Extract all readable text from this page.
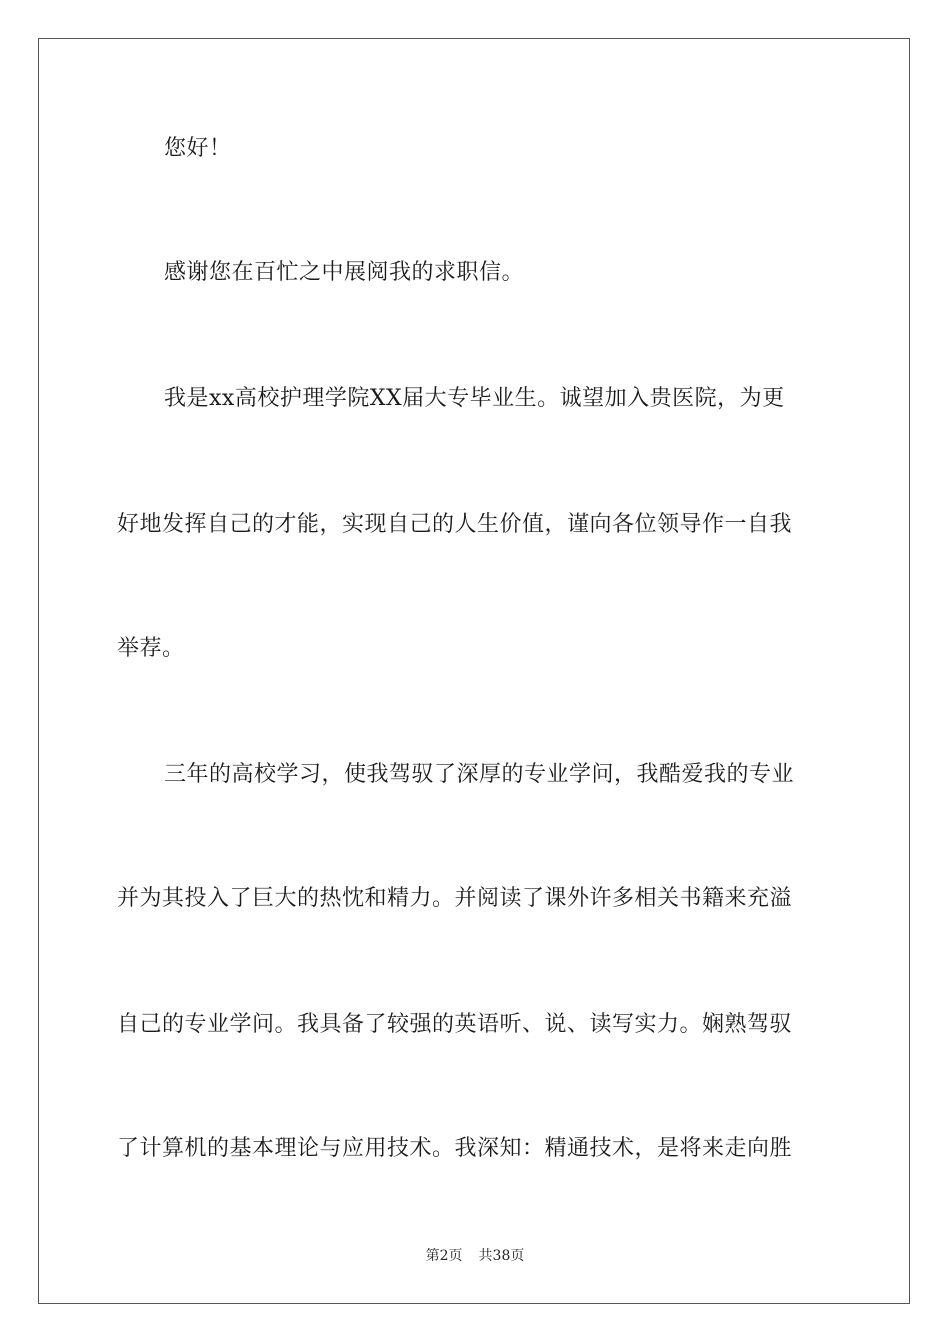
您好！
感谢您在百忙之中展阅我的求职信。
我是xx高校护理学院XX届大专毕业生。诚望加入贵医院，为更
好地发挥自己的才能，实现自己的人生价值，谨向各位领导作一自我
举荐。
三年的高校学习，使我驾驭了深厚的专业学问，我酷爱我的专业
并为其投入了巨大的热忱和精力。并阅读了课外许多相关书籍来充溢
自己的专业学问。我具备了较强的英语听、说、读写实力。娴熟驾驭
了计算机的基本理论与应用技术。我深知：精通技术，是将来走向胜
第2页 共38页
